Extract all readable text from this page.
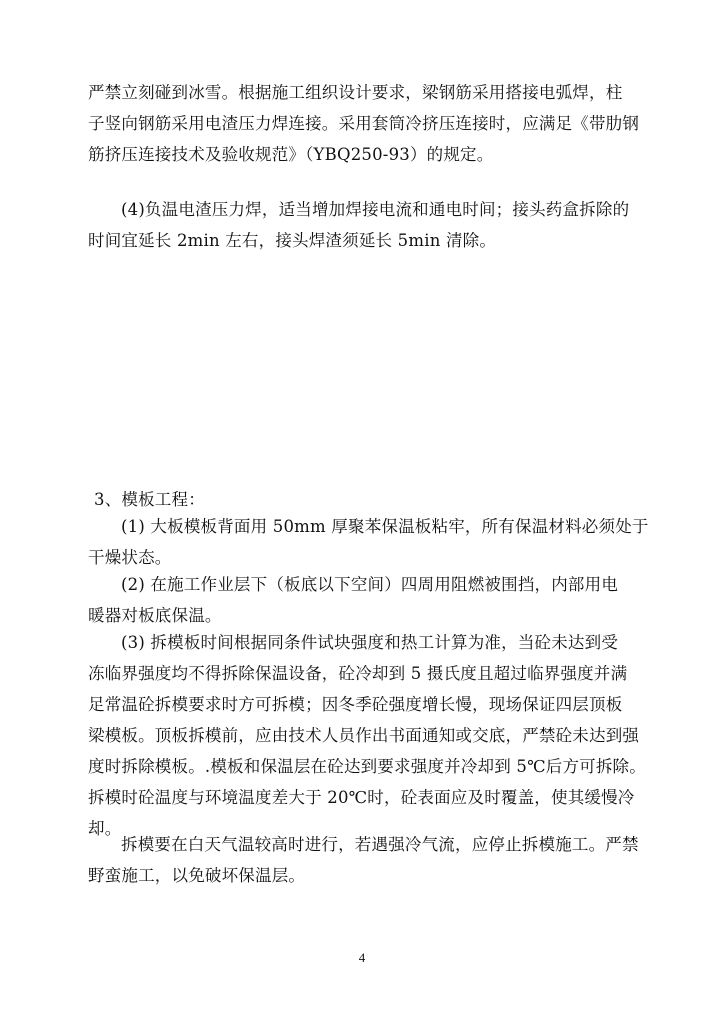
严禁立刻碰到冰雪。根据施工组织设计要求，梁钢筋采用搭接电弧焊，柱
子竖向钢筋采用电渣压力焊连接。采用套筒冷挤压连接时，应满足《带肋钢
筋挤压连接技术及验收规范》（YBQ250-93）的规定。
(4)负温电渣压力焊，适当增加焊接电流和通电时间；接头药盒拆除的
时间宜延长 2min 左右，接头焊渣须延长 5min 清除。
3、模板工程：
(1) 大板模板背面用 50mm 厚聚苯保温板粘牢，所有保温材料必须处于
干燥状态。
(2) 在施工作业层下（板底以下空间）四周用阻燃被围挡，内部用电
暖器对板底保温。
(3) 拆模板时间根据同条件试块强度和热工计算为准，当砼未达到受
冻临界强度均不得拆除保温设备，砼冷却到 5 摄氏度且超过临界强度并满
足常温砼拆模要求时方可拆模；因冬季砼强度增长慢，现场保证四层顶板
梁模板。顶板拆模前，应由技术人员作出书面通知或交底，严禁砼未达到强
度时拆除模板。.模板和保温层在砼达到要求强度并冷却到 5℃后方可拆除。
拆模时砼温度与环境温度差大于 20℃时，砼表面应及时覆盖，使其缓慢冷
却。
拆模要在白天气温较高时进行，若遇强冷气流，应停止拆模施工。严禁
野蛮施工，以免破坏保温层。
4
